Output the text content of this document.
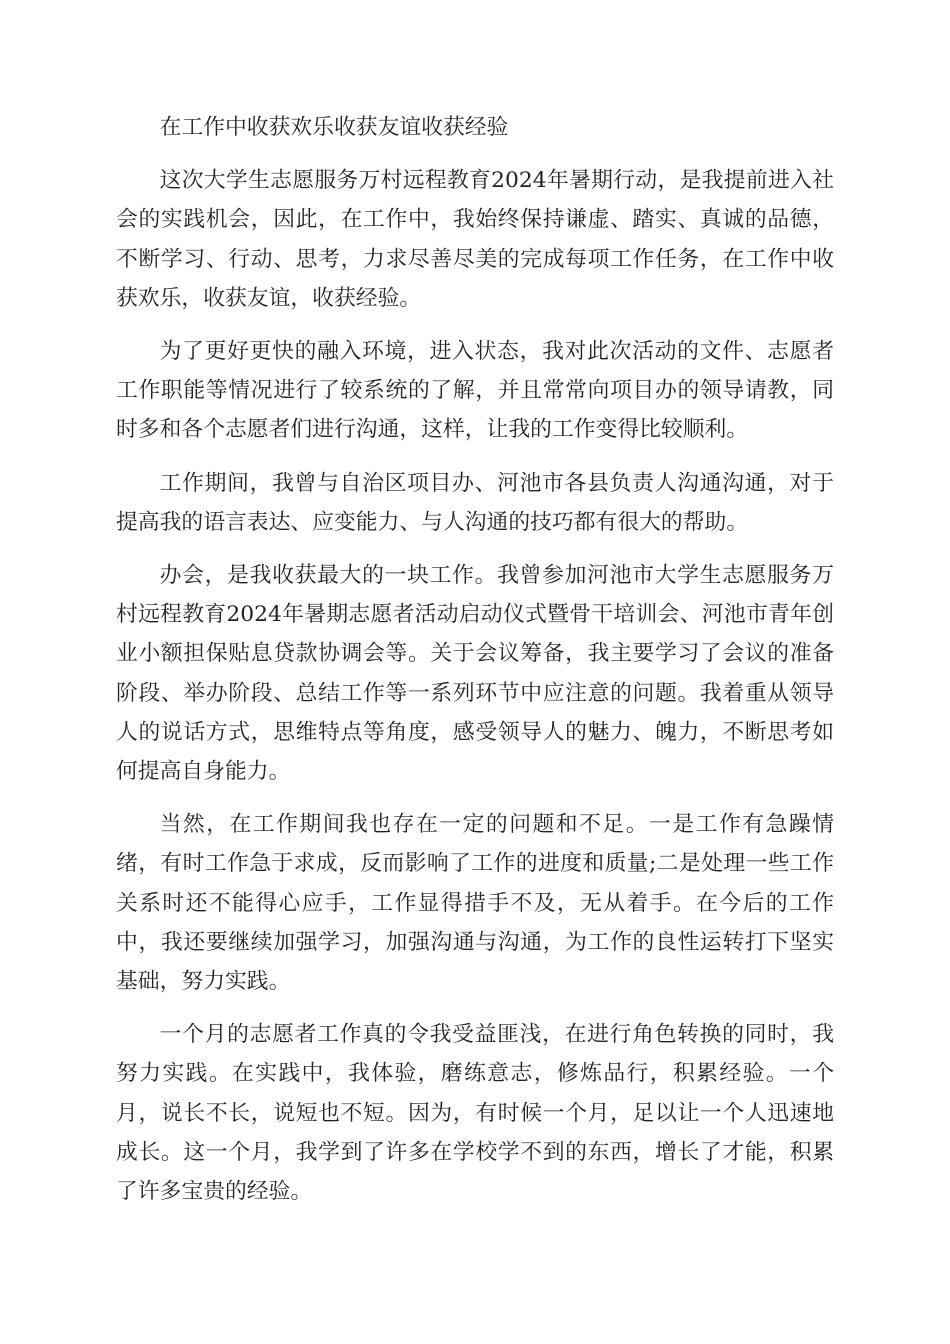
在工作中收获欢乐收获友谊收获经验

这次大学生志愿服务万村远程教育2024年暑期行动，是我提前进入社会的实践机会，因此，在工作中，我始终保持谦虚、踏实、真诚的品德，不断学习、行动、思考，力求尽善尽美的完成每项工作任务，在工作中收获欢乐，收获友谊，收获经验。

为了更好更快的融入环境，进入状态，我对此次活动的文件、志愿者工作职能等情况进行了较系统的了解，并且常常向项目办的领导请教，同时多和各个志愿者们进行沟通，这样，让我的工作变得比较顺利。

工作期间，我曾与自治区项目办、河池市各县负责人沟通沟通，对于提高我的语言表达、应变能力、与人沟通的技巧都有很大的帮助。

办会，是我收获最大的一块工作。我曾参加河池市大学生志愿服务万村远程教育2024年暑期志愿者活动启动仪式暨骨干培训会、河池市青年创业小额担保贴息贷款协调会等。关于会议筹备，我主要学习了会议的准备阶段、举办阶段、总结工作等一系列环节中应注意的问题。我着重从领导人的说话方式，思维特点等角度，感受领导人的魅力、魄力，不断思考如何提高自身能力。

当然，在工作期间我也存在一定的问题和不足。一是工作有急躁情绪，有时工作急于求成，反而影响了工作的进度和质量;二是处理一些工作关系时还不能得心应手，工作显得措手不及，无从着手。在今后的工作中，我还要继续加强学习，加强沟通与沟通，为工作的良性运转打下坚实基础，努力实践。

一个月的志愿者工作真的令我受益匪浅，在进行角色转换的同时，我努力实践。在实践中，我体验，磨练意志，修炼品行，积累经验。一个月，说长不长，说短也不短。因为，有时候一个月，足以让一个人迅速地成长。这一个月，我学到了许多在学校学不到的东西，增长了才能，积累了许多宝贵的经验。
